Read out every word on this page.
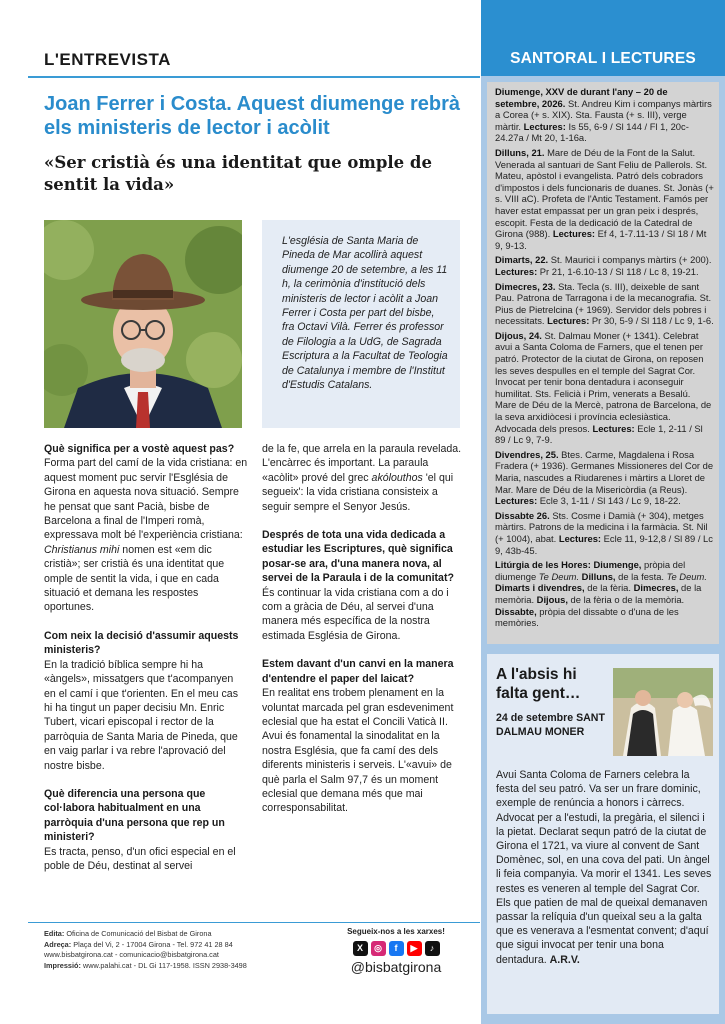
L'ENTREVISTA
Joan Ferrer i Costa. Aquest diumenge rebrà els ministeris de lector i acòlit
«Ser cristià és una identitat que omple de sentit la vida»

L'església de Santa Maria de Pineda de Mar acollirà aquest diumenge 20 de setembre, a les 11 h, la cerimònia d'institució dels ministeris de lector i acòlit a Joan Ferrer i Costa per part del bisbe, fra Octavi Vilà. Ferrer és professor de Filologia a la UdG, de Sagrada Escriptura a la Facultat de Teologia de Catalunya i membre de l'Institut d'Estudis Catalans.

Què significa per a vostè aquest pas?
Forma part del camí de la vida cristiana: en aquest moment puc servir l'Església de Girona en aquesta nova situació. Sempre he pensat que sant Pacià, bisbe de Barcelona a final de l'Imperi romà, expressava molt bé l'experiència cristiana: Christianus mihi nomen est «em dic cristià»; ser cristià és una identitat que omple de sentit la vida, i que en cada situació et demana les respostes oportunes.
Com neix la decisió d'assumir aquests ministeris?
En la tradició bíblica sempre hi ha «àngels», missatgers que t'acompanyen en el camí i que t'orienten. En el meu cas hi ha tingut un paper decisiu Mn. Enric Tubert, vicari episcopal i rector de la parròquia de Santa Maria de Pineda, que en vaig parlar i va rebre l'aprovació del nostre bisbe.
Què diferencia una persona que col·labora habitualment en una parròquia d'una persona que rep un ministeri?
Es tracta, penso, d'un ofici especial en el poble de Déu, destinat al servei
de la fe, que arrela en la paraula revelada. L'encàrrec és important. La paraula «acòlit» prové del grec akólouthos 'el qui segueix': la vida cristiana consisteix a seguir sempre el Senyor Jesús.
Després de tota una vida dedicada a estudiar les Escriptures, què significa posar-se ara, d'una manera nova, al servei de la Paraula i de la comunitat?
És continuar la vida cristiana com a do i com a gràcia de Déu, al servei d'una manera més específica de la nostra estimada Església de Girona.
Estem davant d'un canvi en la manera d'entendre el paper del laicat?
En realitat ens trobem plenament en la voluntat marcada pel gran esdeveniment eclesial que ha estat el Concili Vaticà II. Avui és fonamental la sinodalitat en la nostra Església, que fa camí des dels diferents ministeris i serveis. L'«avui» de què parla el Salm 97,7 és un moment eclesial que demana més que mai corresponsabilitat.
Edita: Oficina de Comunicació del Bisbat de Girona
Adreça: Plaça del Vi, 2 - 17004 Girona - Tel. 972 41 28 84
www.bisbatgirona.cat - comunicacio@bisbatgirona.cat
Impressió: www.palahi.cat - DL Gi 117-1958. ISSN 2938-3498
Segueix-nos a les xarxes!
X	◎	f	▶	♪
@bisbatgirona
SANTORAL I LECTURES

Diumenge, XXV de durant l'any – 20 de setembre, 2026. St. Andreu Kim i companys màrtirs a Corea (+ s. XIX). Sta. Fausta (+ s. III), verge màrtir. Lectures: Is 55, 6-9 / Sl 144 / Fl 1, 20c-24.27a / Mt 20, 1-16a.

Dilluns, 21. Mare de Déu de la Font de la Salut. Venerada al santuari de Sant Feliu de Pallerols. St. Mateu, apòstol i evangelista. Patró dels cobradors d'impostos i dels funcionaris de duanes. St. Jonàs (+ s. VIII aC). Profeta de l'Antic Testament. Famós per haver estat empassat per un gran peix i després, escopit. Festa de la dedicació de la Catedral de Girona (988). Lectures: Ef 4, 1-7.11-13 / Sl 18 / Mt 9, 9-13.

Dimarts, 22. St. Maurici i companys màrtirs (+ 200). Lectures: Pr 21, 1-6.10-13 / Sl 118 / Lc 8, 19-21.

Dimecres, 23. Sta. Tecla (s. III), deixeble de sant Pau. Patrona de Tarragona i de la mecanografia. St. Pius de Pietrelcina (+ 1969). Servidor dels pobres i necessitats. Lectures: Pr 30, 5-9 / Sl 118 / Lc 9, 1-6.

Dijous, 24. St. Dalmau Moner (+ 1341). Celebrat avui a Santa Coloma de Farners, que el tenen per patró. Protector de la ciutat de Girona, on reposen les seves despulles en el temple del Sagrat Cor. Invocat per tenir bona dentadura i aconseguir humilitat. Sts. Felicià i Prim, venerats a Besalú. Mare de Déu de la Mercè, patrona de Barcelona, de la seva arxidiòcesi i província eclesiàstica. Advocada dels presos. Lectures: Ecle 1, 2-11 / Sl 89 / Lc 9, 7-9.

Divendres, 25. Btes. Carme, Magdalena i Rosa Fradera (+ 1936). Germanes Missioneres del Cor de Maria, nascudes a Riudarenes i màrtirs a Lloret de Mar. Mare de Déu de la Misericòrdia (a Reus). Lectures: Ecle 3, 1-11 / Sl 143 / Lc 9, 18-22.

Dissabte 26. Sts. Cosme i Damià (+ 304), metges màrtirs. Patrons de la medicina i la farmàcia. St. Nil (+ 1004), abat. Lectures: Ecle 11, 9-12,8 / Sl 89 / Lc 9, 43b-45.

Litúrgia de les Hores: Diumenge, pròpia del diumenge Te Deum. Dilluns, de la festa. Te Deum. Dimarts i divendres, de la fèria. Dimecres, de la memòria. Dijous, de la fèria o de la memòria. Dissabte, pròpia del dissabte o d'una de les memòries.

A l'absis hi falta gent…
24 de setembre SANT DALMAU MONER
Avui Santa Coloma de Farners celebra la festa del seu patró. Va ser un frare dominic, exemple de renúncia a honors i càrrecs. Advocat per a l'estudi, la pregària, el silenci i la pietat. Declarat sequn patró de la ciutat de Girona el 1721, va viure al convent de Sant Domènec, sol, en una cova del pati. Un àngel li feia companyia. Va morir el 1341. Les seves restes es veneren al temple del Sagrat Cor. Els que patien de mal de queixal demanaven passar la relíquia d'un queixal seu a la galta que es venerava a l'esmentat convent; d'aquí que sigui invocat per tenir una bona dentadura. A.R.V.
